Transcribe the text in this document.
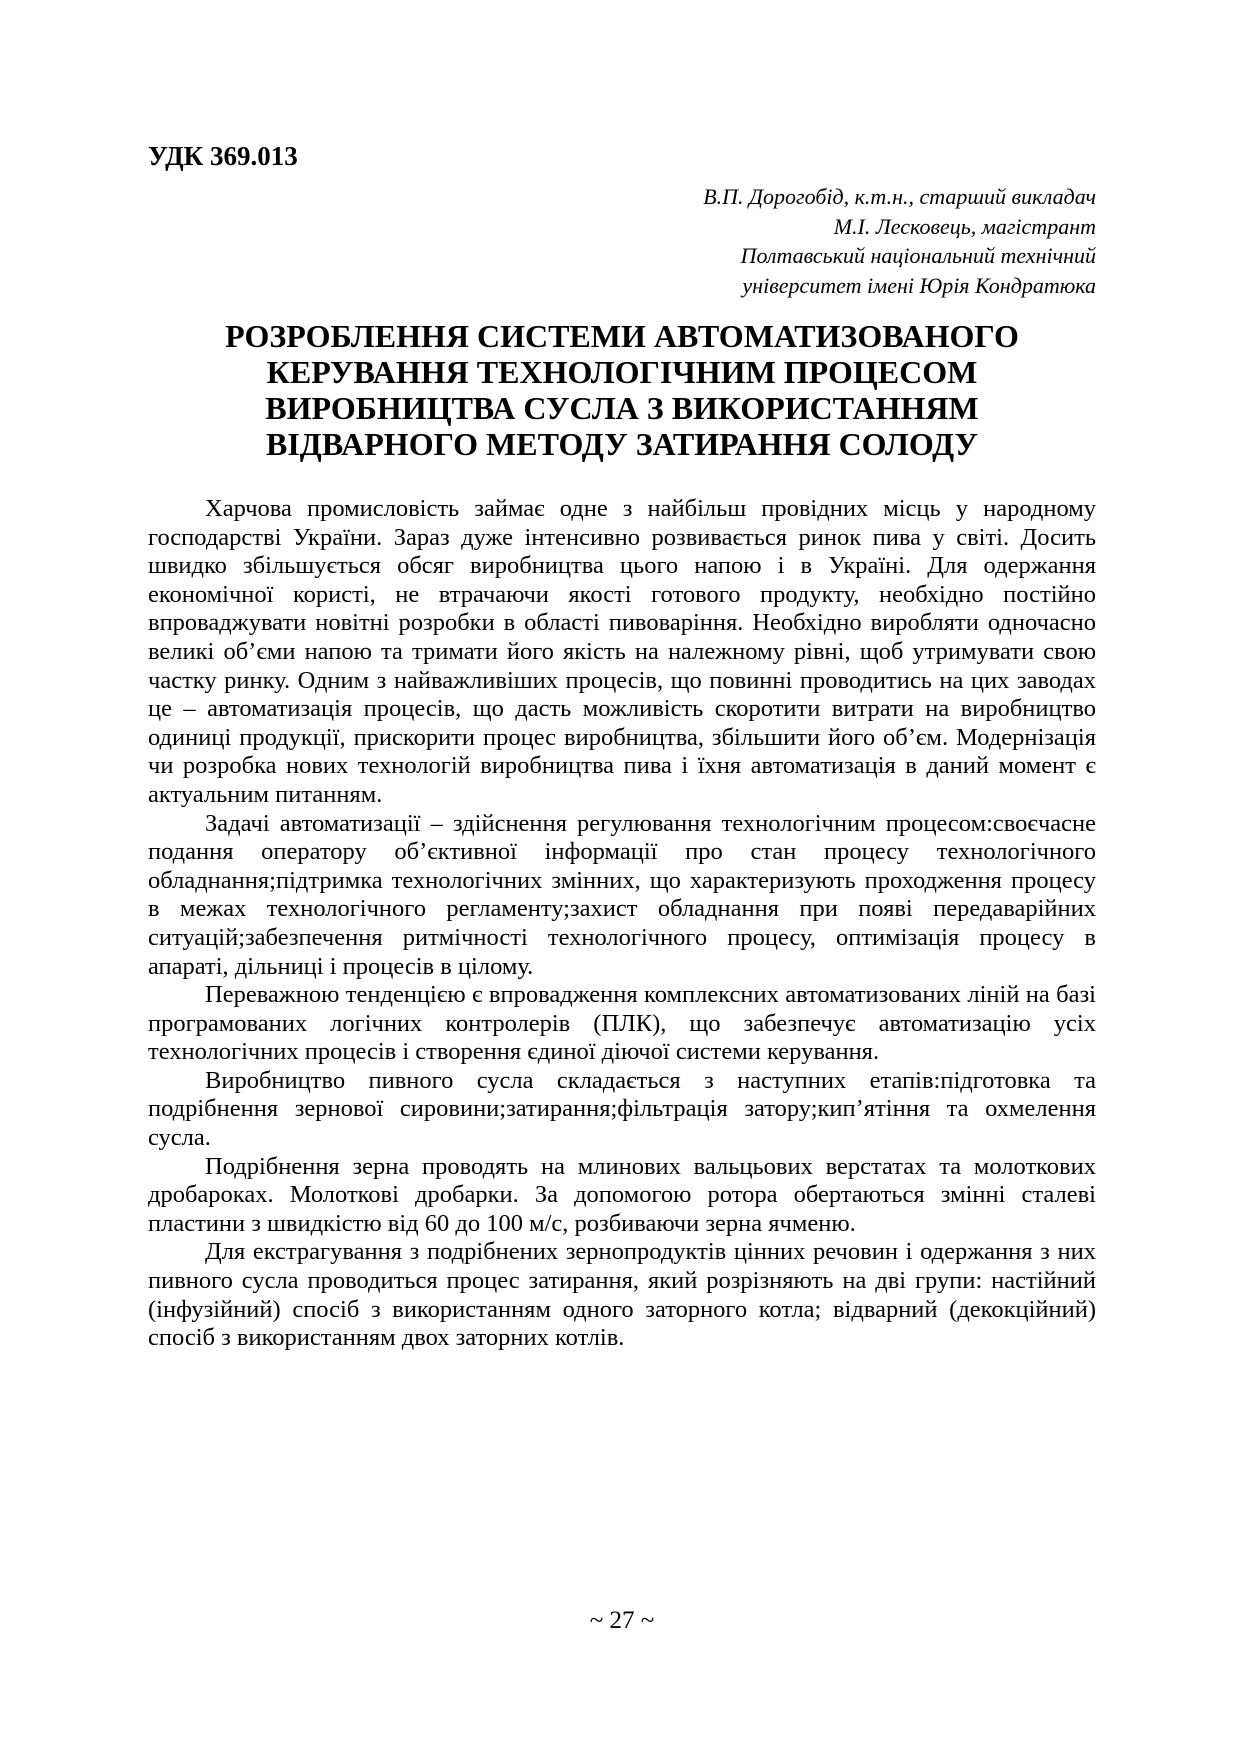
УДК 369.013

В.П. Дорогобід, к.т.н., старший викладач
М.І. Лесковець, магістрант
Полтавський національний технічний
університет імені Юрія Кондратюка
РОЗРОБЛЕННЯ СИСТЕМИ АВТОМАТИЗОВАНОГО
КЕРУВАННЯ ТЕХНОЛОГІЧНИМ ПРОЦЕСОМ
ВИРОБНИЦТВА СУСЛА З ВИКОРИСТАННЯМ
ВІДВАРНОГО МЕТОДУ ЗАТИРАННЯ СОЛОДУ

Харчова промисловість займає одне з найбільш провідних місць у народному господарстві України. Зараз дуже інтенсивно розвивається ринок пива у світі. Досить швидко збільшується обсяг виробництва цього напою і в Україні. Для одержання економічної користі, не втрачаючи якості готового продукту, необхідно постійно впроваджувати новітні розробки в області пивоваріння. Необхідно виробляти одночасно великі об’єми напою та тримати його якість на належному рівні, щоб утримувати свою частку ринку. Одним з найважливіших процесів, що повинні проводитись на цих заводах це – автоматизація процесів, що дасть можливість скоротити витрати на виробництво одиниці продукції, прискорити процес виробництва, збільшити його об’єм. Модернізація чи розробка нових технологій виробництва пива і їхня автоматизація в даний момент є актуальним питанням.

Задачі автоматизації – здійснення регулювання технологічним процесом:своєчасне подання оператору об’єктивної інформації про стан процесу технологічного обладнання;підтримка технологічних змінних, що характеризують проходження процесу в межах технологічного регламенту;захист обладнання при появі передаварійних ситуацій;забезпечення ритмічності технологічного процесу, оптимізація процесу в апараті, дільниці і процесів в цілому.

Переважною тенденцією є впровадження комплексних автоматизованих ліній на базі програмованих логічних контролерів (ПЛК), що забезпечує автоматизацію усіх технологічних процесів і створення єдиної діючої системи керування.

Виробництво пивного сусла складається з наступних етапів:підготовка та подрібнення зернової сировини;затирання;фільтрація затору;кип’ятіння та охмелення сусла.

Подрібнення зерна проводять на млинових вальцьових верстатах та молоткових дробароках. Молоткові дробарки. За допомогою ротора обертаються змінні сталеві пластини з швидкістю від 60 до 100 м/с, розбиваючи зерна ячменю.

Для екстрагування з подрібнених зернопродуктів цінних речовин і одержання з них пивного сусла проводиться процес затирання, який розрізняють на дві групи: настійний (інфузійний) спосіб з використанням одного заторного котла; відварний (декокційний) спосіб з використанням двох заторних котлів.

~ 27 ~
